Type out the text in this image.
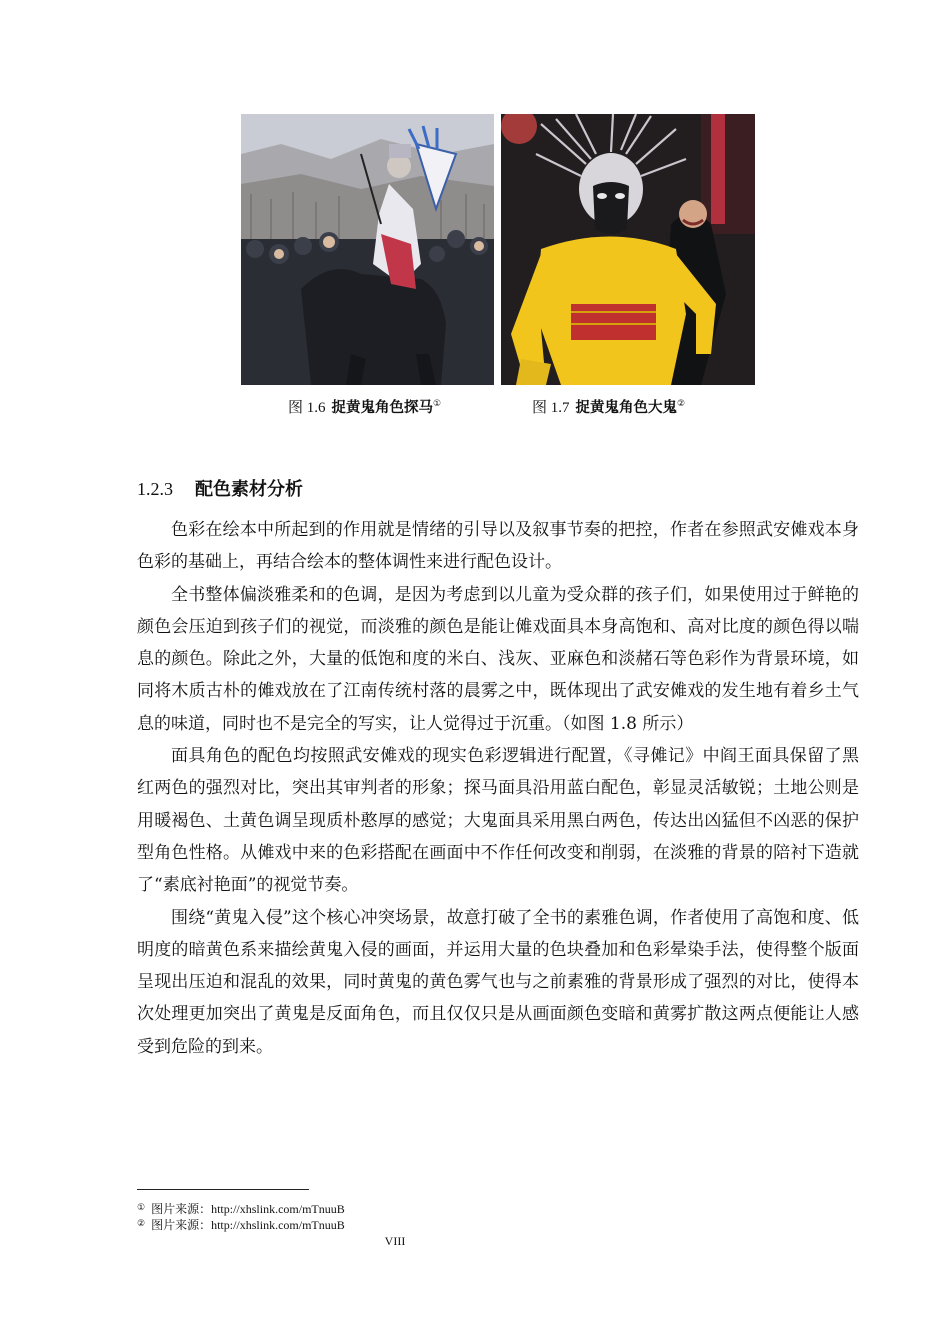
图 1.6 捉黄鬼角色探马①	图 1.7 捉黄鬼角色大鬼②
1.2.3 配色素材分析

色彩在绘本中所起到的作用就是情绪的引导以及叙事节奏的把控，作者在参照武安傩戏本身色彩的基础上，再结合绘本的整体调性来进行配色设计。

全书整体偏淡雅柔和的色调，是因为考虑到以儿童为受众群的孩子们，如果使用过于鲜艳的颜色会压迫到孩子们的视觉，而淡雅的颜色是能让傩戏面具本身高饱和、高对比度的颜色得以喘息的颜色。除此之外，大量的低饱和度的米白、浅灰、亚麻色和淡赭石等色彩作为背景环境，如同将木质古朴的傩戏放在了江南传统村落的晨雾之中，既体现出了武安傩戏的发生地有着乡土气息的味道，同时也不是完全的写实，让人觉得过于沉重。（如图 1.8 所示）

面具角色的配色均按照武安傩戏的现实色彩逻辑进行配置，《寻傩记》中阎王面具保留了黑红两色的强烈对比，突出其审判者的形象；探马面具沿用蓝白配色，彰显灵活敏锐；土地公则是用暖褐色、土黄色调呈现质朴憨厚的感觉；大鬼面具采用黑白两色，传达出凶猛但不凶恶的保护型角色性格。从傩戏中来的色彩搭配在画面中不作任何改变和削弱，在淡雅的背景的陪衬下造就了“素底衬艳面”的视觉节奏。

围绕“黄鬼入侵”这个核心冲突场景，故意打破了全书的素雅色调，作者使用了高饱和度、低明度的暗黄色系来描绘黄鬼入侵的画面，并运用大量的色块叠加和色彩晕染手法，使得整个版面呈现出压迫和混乱的效果，同时黄鬼的黄色雾气也与之前素雅的背景形成了强烈的对比，使得本次处理更加突出了黄鬼是反面角色，而且仅仅只是从画面颜色变暗和黄雾扩散这两点便能让人感受到危险的到来。

① 图片来源：http://xhslink.com/mTnuuB
② 图片来源：http://xhslink.com/mTnuuB
VIII
